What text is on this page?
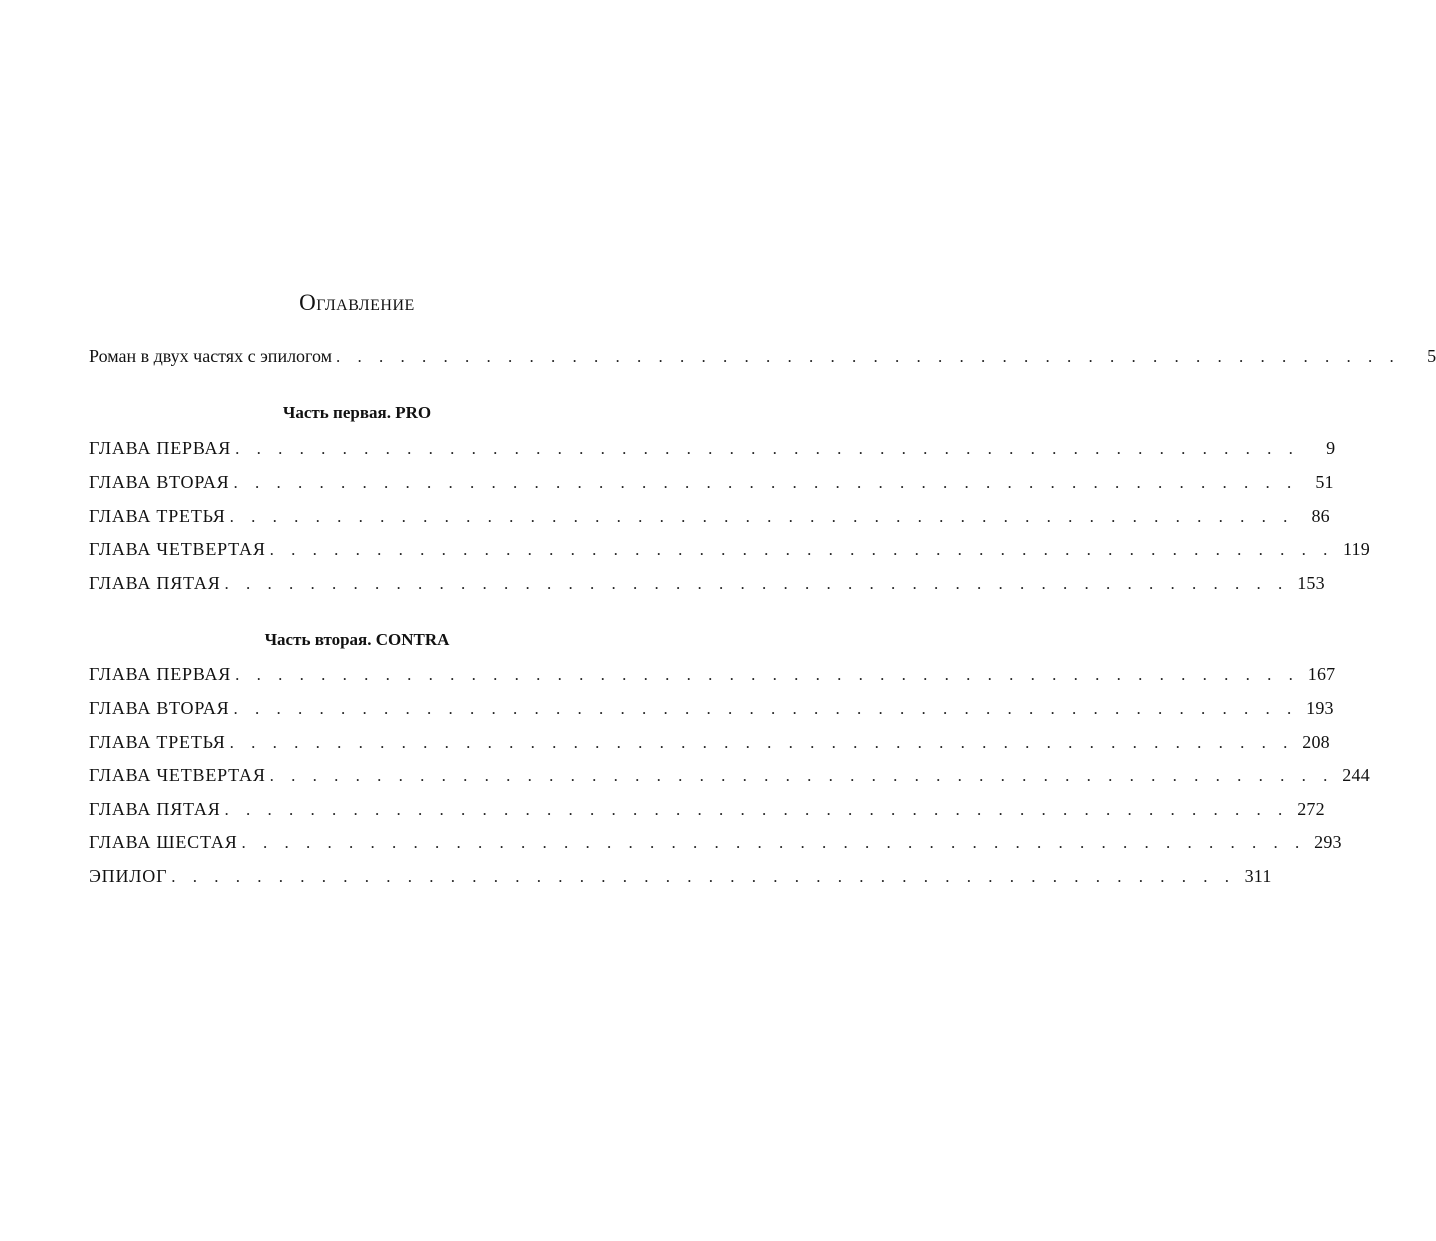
Оглавление
Роман в двух частях с эпилогом . . . . . . . . . . . . . . . . . . . . . . . . . . . . . . . . . . . . . . . . . . . . . . . . . .	5
Часть первая. PRO
ГЛАВА ПЕРВАЯ . . . . . . . . . . . . . . . . . . . . . . . . . . . . . . . . . . . . . . . . . . . . . . . . . .	9
ГЛАВА ВТОРАЯ . . . . . . . . . . . . . . . . . . . . . . . . . . . . . . . . . . . . . . . . . . . . . . . . . . 51
ГЛАВА ТРЕТЬЯ . . . . . . . . . . . . . . . . . . . . . . . . . . . . . . . . . . . . . . . . . . . . . . . . . . 86
ГЛАВА ЧЕТВЕРТАЯ . . . . . . . . . . . . . . . . . . . . . . . . . . . . . . . . . . . . . . . . . . . . . . . . . . 119
ГЛАВА ПЯТАЯ . . . . . . . . . . . . . . . . . . . . . . . . . . . . . . . . . . . . . . . . . . . . . . . . . . 153
Часть вторая. CONTRA
ГЛАВА ПЕРВАЯ . . . . . . . . . . . . . . . . . . . . . . . . . . . . . . . . . . . . . . . . . . . . . . . . . . 167
ГЛАВА ВТОРАЯ . . . . . . . . . . . . . . . . . . . . . . . . . . . . . . . . . . . . . . . . . . . . . . . . . . 193
ГЛАВА ТРЕТЬЯ . . . . . . . . . . . . . . . . . . . . . . . . . . . . . . . . . . . . . . . . . . . . . . . . . . 208
ГЛАВА ЧЕТВЕРТАЯ . . . . . . . . . . . . . . . . . . . . . . . . . . . . . . . . . . . . . . . . . . . . . . . . . . 244
ГЛАВА ПЯТАЯ . . . . . . . . . . . . . . . . . . . . . . . . . . . . . . . . . . . . . . . . . . . . . . . . . . 272
ГЛАВА ШЕСТАЯ . . . . . . . . . . . . . . . . . . . . . . . . . . . . . . . . . . . . . . . . . . . . . . . . . . 293
ЭПИЛОГ . . . . . . . . . . . . . . . . . . . . . . . . . . . . . . . . . . . . . . . . . . . . . . . . . . 311
